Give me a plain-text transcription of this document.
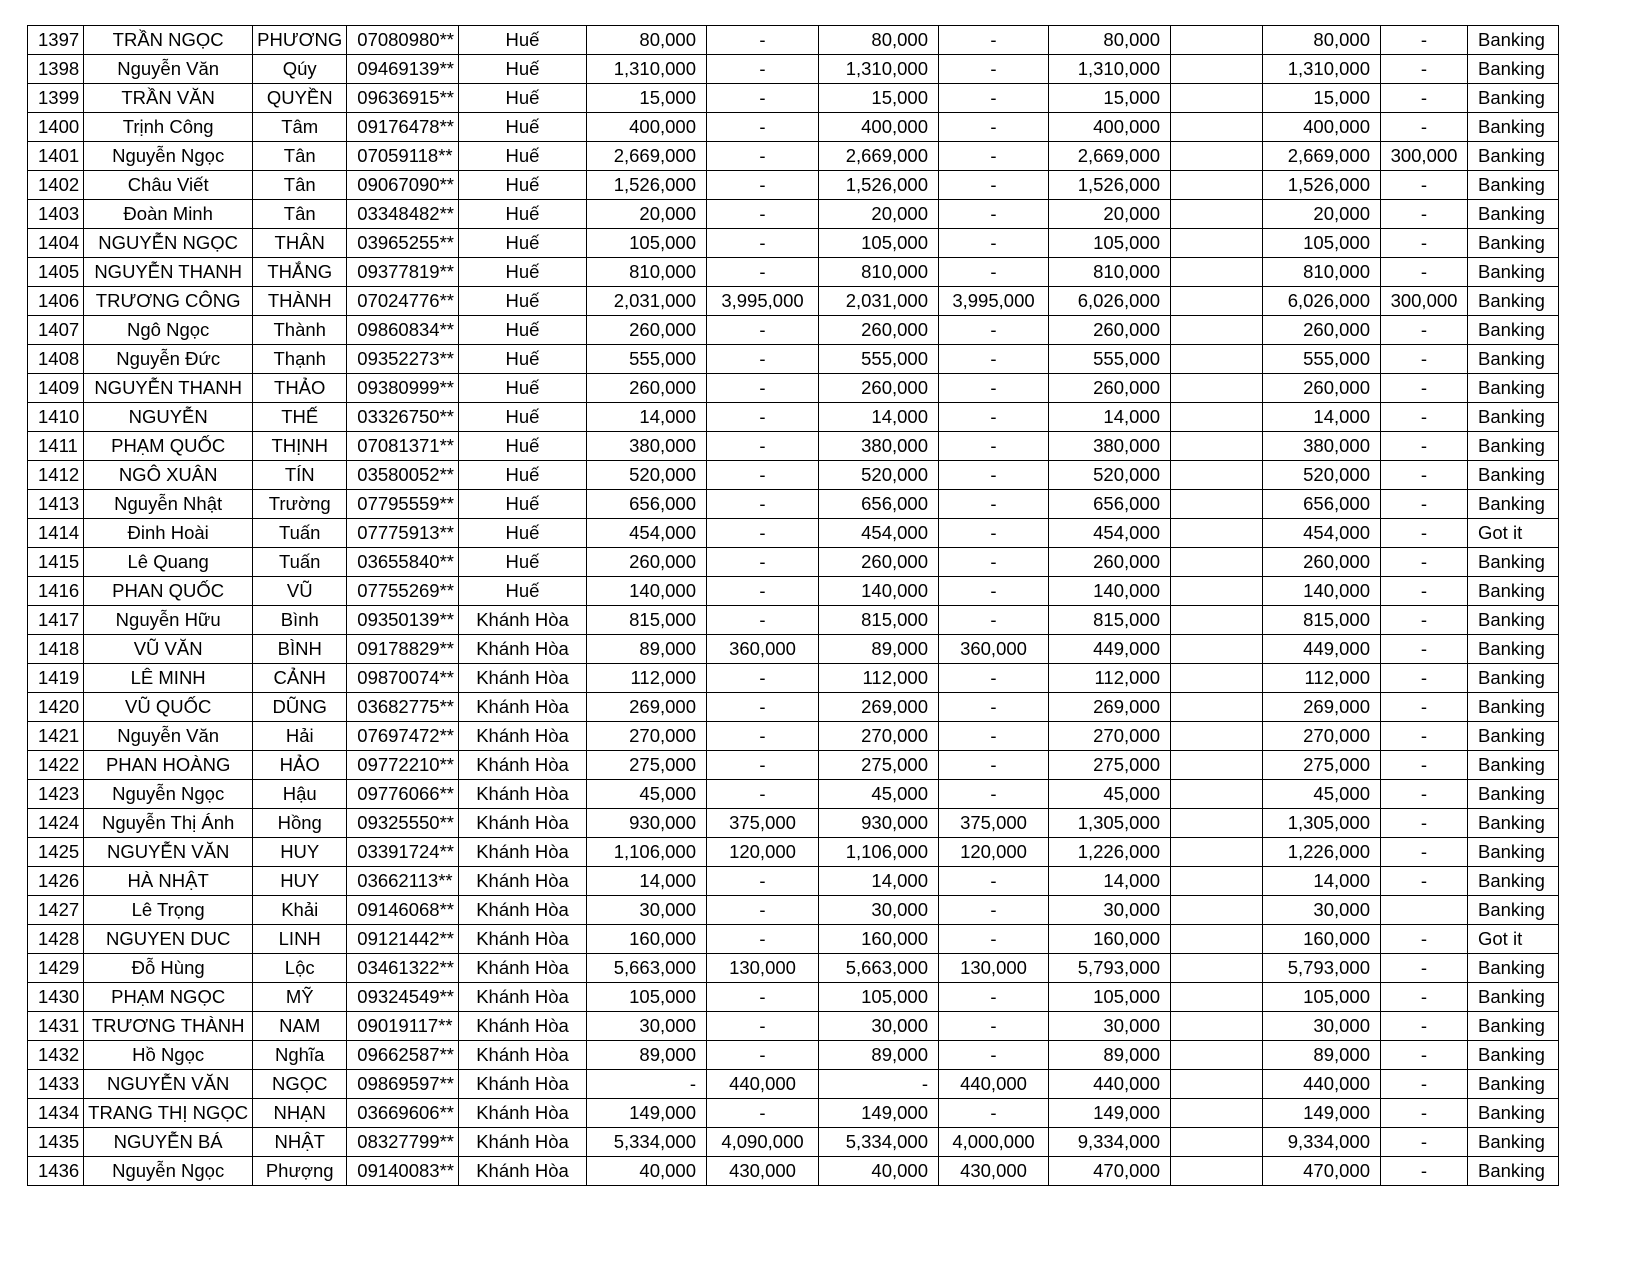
1397	TRẦN NGỌC	PHƯƠNG	07080980**	Huế	80,000	-	80,000	-	80,000		80,000	-	Banking
1398	Nguyễn Văn	Qúy	09469139**	Huế	1,310,000	-	1,310,000	-	1,310,000		1,310,000	-	Banking
1399	TRẦN VĂN	QUYỀN	09636915**	Huế	15,000	-	15,000	-	15,000		15,000	-	Banking
1400	Trịnh Công	Tâm	09176478**	Huế	400,000	-	400,000	-	400,000		400,000	-	Banking
1401	Nguyễn Ngọc	Tân	07059118**	Huế	2,669,000	-	2,669,000	-	2,669,000		2,669,000	300,000	Banking
1402	Châu Viết	Tân	09067090**	Huế	1,526,000	-	1,526,000	-	1,526,000		1,526,000	-	Banking
1403	Đoàn Minh	Tân	03348482**	Huế	20,000	-	20,000	-	20,000		20,000	-	Banking
1404	NGUYỄN NGỌC	THÂN	03965255**	Huế	105,000	-	105,000	-	105,000		105,000	-	Banking
1405	NGUYỄN THANH	THẮNG	09377819**	Huế	810,000	-	810,000	-	810,000		810,000	-	Banking
1406	TRƯƠNG CÔNG	THÀNH	07024776**	Huế	2,031,000	3,995,000	2,031,000	3,995,000	6,026,000		6,026,000	300,000	Banking
1407	Ngô Ngọc	Thành	09860834**	Huế	260,000	-	260,000	-	260,000		260,000	-	Banking
1408	Nguyễn Đức	Thạnh	09352273**	Huế	555,000	-	555,000	-	555,000		555,000	-	Banking
1409	NGUYỄN THANH	THẢO	09380999**	Huế	260,000	-	260,000	-	260,000		260,000	-	Banking
1410	NGUYỄN	THẾ	03326750**	Huế	14,000	-	14,000	-	14,000		14,000	-	Banking
1411	PHẠM QUỐC	THỊNH	07081371**	Huế	380,000	-	380,000	-	380,000		380,000	-	Banking
1412	NGÔ XUÂN	TÍN	03580052**	Huế	520,000	-	520,000	-	520,000		520,000	-	Banking
1413	Nguyễn Nhật	Trường	07795559**	Huế	656,000	-	656,000	-	656,000		656,000	-	Banking
1414	Đinh Hoài	Tuấn	07775913**	Huế	454,000	-	454,000	-	454,000		454,000	-	Got it
1415	Lê Quang	Tuấn	03655840**	Huế	260,000	-	260,000	-	260,000		260,000	-	Banking
1416	PHAN QUỐC	VŨ	07755269**	Huế	140,000	-	140,000	-	140,000		140,000	-	Banking
1417	Nguyễn Hữu	Bình	09350139**	Khánh Hòa	815,000	-	815,000	-	815,000		815,000	-	Banking
1418	VŨ VĂN	BÌNH	09178829**	Khánh Hòa	89,000	360,000	89,000	360,000	449,000		449,000	-	Banking
1419	LÊ MINH	CẢNH	09870074**	Khánh Hòa	112,000	-	112,000	-	112,000		112,000	-	Banking
1420	VŨ QUỐC	DŨNG	03682775**	Khánh Hòa	269,000	-	269,000	-	269,000		269,000	-	Banking
1421	Nguyễn Văn	Hải	07697472**	Khánh Hòa	270,000	-	270,000	-	270,000		270,000	-	Banking
1422	PHAN HOÀNG	HẢO	09772210**	Khánh Hòa	275,000	-	275,000	-	275,000		275,000	-	Banking
1423	Nguyễn Ngọc	Hậu	09776066**	Khánh Hòa	45,000	-	45,000	-	45,000		45,000	-	Banking
1424	Nguyễn Thị Ánh	Hồng	09325550**	Khánh Hòa	930,000	375,000	930,000	375,000	1,305,000		1,305,000	-	Banking
1425	NGUYỄN VĂN	HUY	03391724**	Khánh Hòa	1,106,000	120,000	1,106,000	120,000	1,226,000		1,226,000	-	Banking
1426	HÀ NHẬT	HUY	03662113**	Khánh Hòa	14,000	-	14,000	-	14,000		14,000	-	Banking
1427	Lê Trọng	Khải	09146068**	Khánh Hòa	30,000	-	30,000	-	30,000		30,000		Banking
1428	NGUYEN DUC	LINH	09121442**	Khánh Hòa	160,000	-	160,000	-	160,000		160,000	-	Got it
1429	Đỗ Hùng	Lộc	03461322**	Khánh Hòa	5,663,000	130,000	5,663,000	130,000	5,793,000		5,793,000	-	Banking
1430	PHẠM NGỌC	MỸ	09324549**	Khánh Hòa	105,000	-	105,000	-	105,000		105,000	-	Banking
1431	TRƯƠNG THÀNH	NAM	09019117**	Khánh Hòa	30,000	-	30,000	-	30,000		30,000	-	Banking
1432	Hồ Ngọc	Nghĩa	09662587**	Khánh Hòa	89,000	-	89,000	-	89,000		89,000	-	Banking
1433	NGUYỄN VĂN	NGỌC	09869597**	Khánh Hòa	-	440,000	-	440,000	440,000		440,000	-	Banking
1434	TRANG THỊ NGỌC	NHẠN	03669606**	Khánh Hòa	149,000	-	149,000	-	149,000		149,000	-	Banking
1435	NGUYỄN BÁ	NHẬT	08327799**	Khánh Hòa	5,334,000	4,090,000	5,334,000	4,000,000	9,334,000		9,334,000	-	Banking
1436	Nguyễn Ngọc	Phượng	09140083**	Khánh Hòa	40,000	430,000	40,000	430,000	470,000		470,000	-	Banking
